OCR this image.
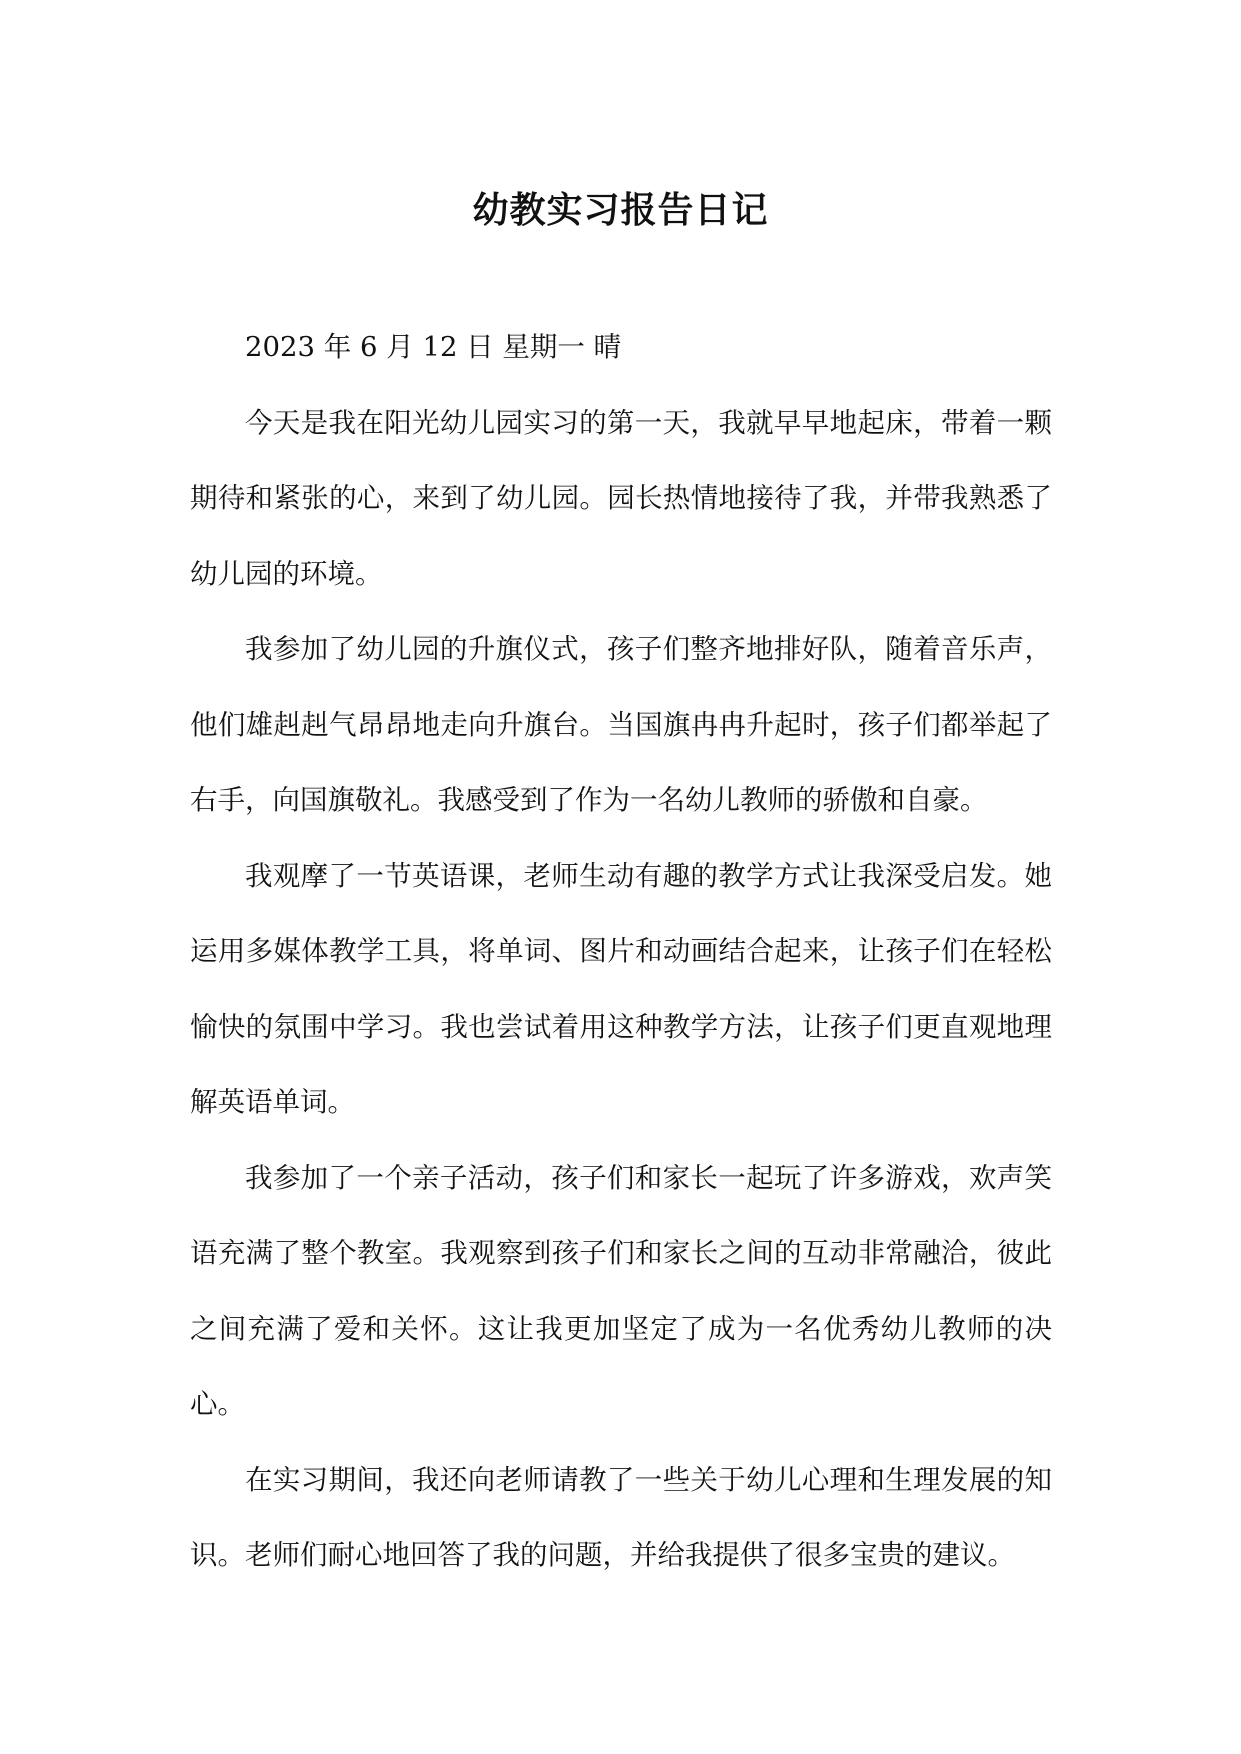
幼教实习报告日记

2023 年 6 月 12 日 星期一 晴

今天是我在阳光幼儿园实习的第一天，我就早早地起床，带着一颗期待和紧张的心，来到了幼儿园。园长热情地接待了我，并带我熟悉了幼儿园的环境。

我参加了幼儿园的升旗仪式，孩子们整齐地排好队，随着音乐声，他们雄赳赳气昂昂地走向升旗台。当国旗冉冉升起时，孩子们都举起了右手，向国旗敬礼。我感受到了作为一名幼儿教师的骄傲和自豪。

我观摩了一节英语课，老师生动有趣的教学方式让我深受启发。她运用多媒体教学工具，将单词、图片和动画结合起来，让孩子们在轻松愉快的氛围中学习。我也尝试着用这种教学方法，让孩子们更直观地理解英语单词。

我参加了一个亲子活动，孩子们和家长一起玩了许多游戏，欢声笑语充满了整个教室。我观察到孩子们和家长之间的互动非常融洽，彼此之间充满了爱和关怀。这让我更加坚定了成为一名优秀幼儿教师的决心。

在实习期间，我还向老师请教了一些关于幼儿心理和生理发展的知识。老师们耐心地回答了我的问题，并给我提供了很多宝贵的建议。
